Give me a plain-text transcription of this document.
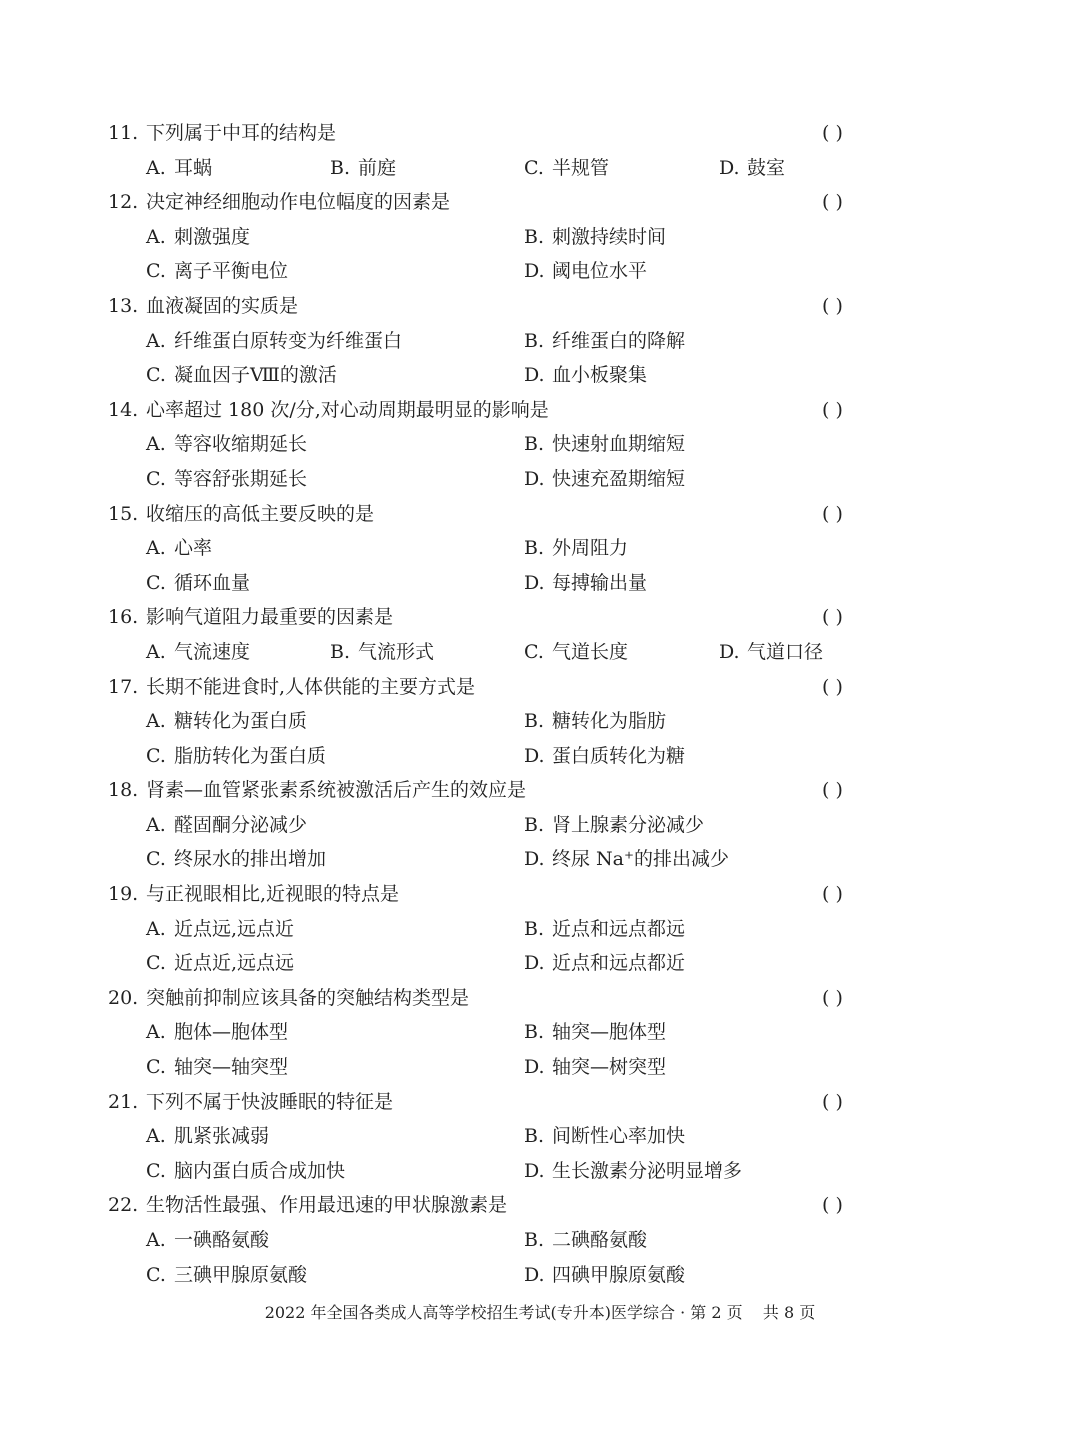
11. 下列属于中耳的结构是	( )
A. 耳蜗	B. 前庭	C. 半规管	D. 鼓室
12. 决定神经细胞动作电位幅度的因素是	( )
A. 刺激强度	B. 刺激持续时间
C. 离子平衡电位	D. 阈电位水平
13. 血液凝固的实质是	( )
A. 纤维蛋白原转变为纤维蛋白	B. 纤维蛋白的降解
C. 凝血因子Ⅷ的激活	D. 血小板聚集
14. 心率超过 180 次/分,对心动周期最明显的影响是	( )
A. 等容收缩期延长	B. 快速射血期缩短
C. 等容舒张期延长	D. 快速充盈期缩短
15. 收缩压的高低主要反映的是	( )
A. 心率	B. 外周阻力
C. 循环血量	D. 每搏输出量
16. 影响气道阻力最重要的因素是	( )
A. 气流速度	B. 气流形式	C. 气道长度	D. 气道口径
17. 长期不能进食时,人体供能的主要方式是	( )
A. 糖转化为蛋白质	B. 糖转化为脂肪
C. 脂肪转化为蛋白质	D. 蛋白质转化为糖
18. 肾素—血管紧张素系统被激活后产生的效应是	( )
A. 醛固酮分泌减少	B. 肾上腺素分泌减少
C. 终尿水的排出增加	D. 终尿 Na⁺的排出减少
19. 与正视眼相比,近视眼的特点是	( )
A. 近点远,远点近	B. 近点和远点都远
C. 近点近,远点远	D. 近点和远点都近
20. 突触前抑制应该具备的突触结构类型是	( )
A. 胞体—胞体型	B. 轴突—胞体型
C. 轴突—轴突型	D. 轴突—树突型
21. 下列不属于快波睡眠的特征是	( )
A. 肌紧张减弱	B. 间断性心率加快
C. 脑内蛋白质合成加快	D. 生长激素分泌明显增多
22. 生物活性最强、作用最迅速的甲状腺激素是	( )
A. 一碘酪氨酸	B. 二碘酪氨酸
C. 三碘甲腺原氨酸	D. 四碘甲腺原氨酸
2022 年全国各类成人高等学校招生考试(专升本)医学综合 · 第 2 页    共 8 页
